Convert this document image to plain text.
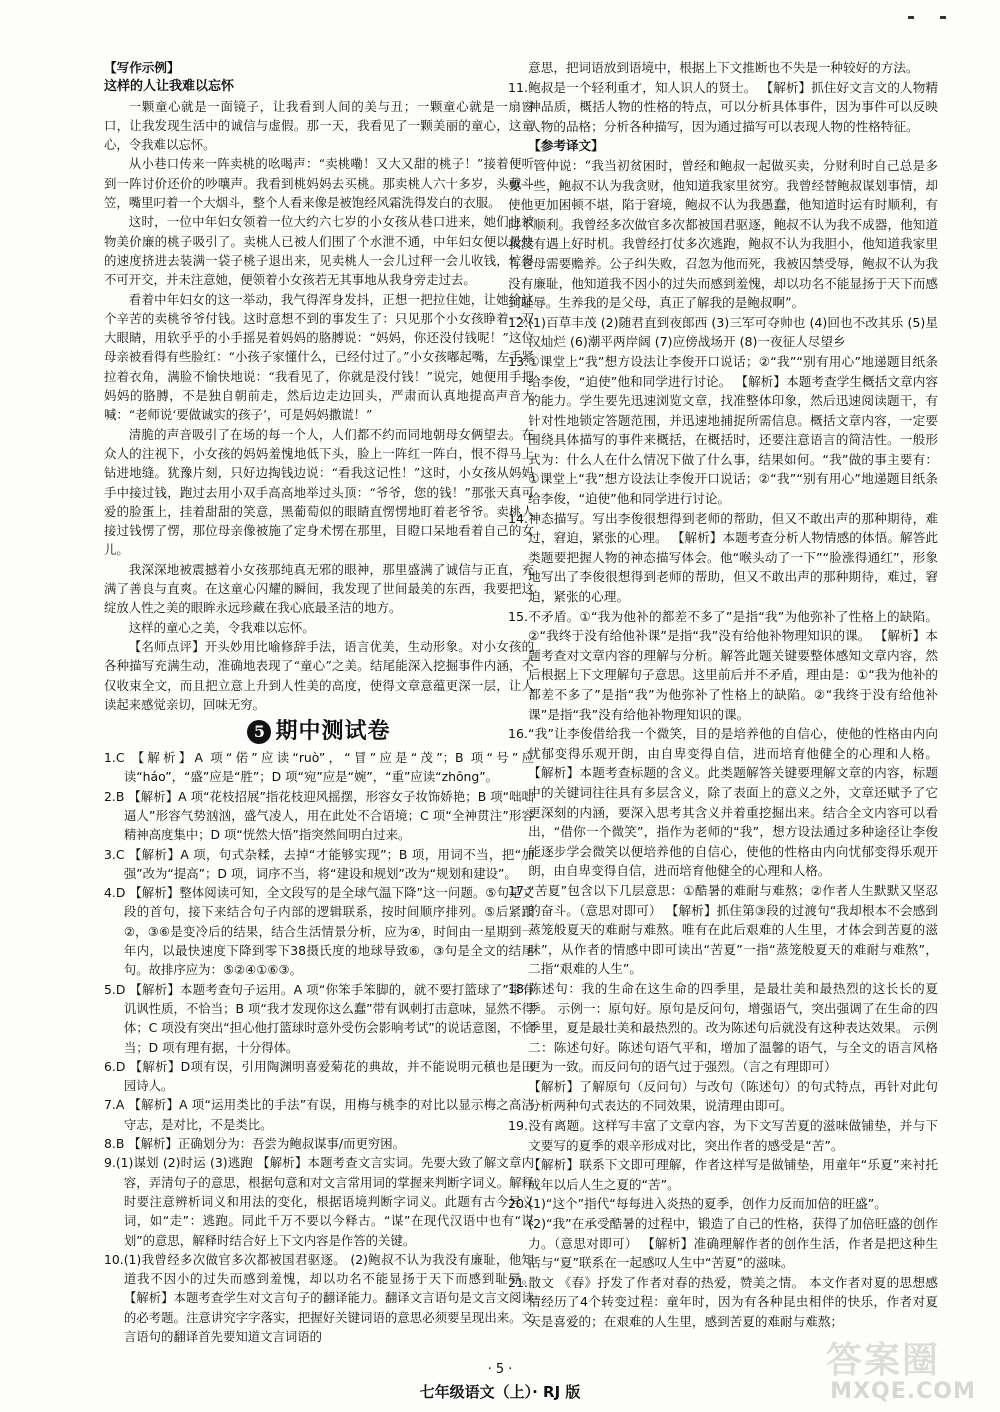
【写作示例】

这样的人让我难以忘怀

一颗童心就是一面镜子，让我看到人间的美与丑；一颗童心就是一扇窗口，让我发现生活中的诚信与虚假。那一天，我看见了一颗美丽的童心，这童心，令我难以忘怀。

从小巷口传来一阵卖桃的吆喝声：“卖桃嘞！又大又甜的桃子！”接着便听到一阵讨价还价的吵嚷声。我看到桃妈妈去买桃。那卖桃人六十多岁，头戴斗笠，嘴里叼着一个大烟斗，整个人看来像是被饱经风霜洗得发白的衣服。

这时，一位中年妇女领着一位大约六七岁的小女孩从巷口进来，她们也被物美价廉的桃子吸引了。卖桃人已被人们围了个水泄不通，中年妇女便以最快的速度挤进去装满一袋子桃子退出来，见卖桃人一会儿过秤一会儿收钱，忙得不可开交，并未注意她，便领着小女孩若无其事地从我身旁走过去。

看着中年妇女的这一举动，我气得浑身发抖，正想一把拉住她，让她给这个辛苦的卖桃爷爷付钱。这时意想不到的事发生了：只见那个小女孩睁着一双大眼睛，用软乎乎的小手摇晃着妈妈的胳膊说：“妈妈，你还没付钱呢！”这位母亲被看得有些脸红：“小孩子家懂什么，已经付过了。”小女孩嘟起嘴，左手紧拉着衣角，满脸不愉快地说：“我看见了，你就是没付钱！”说完，她便用手把妈妈的胳膊，不是独自朝前走，然后边走边回头，严肃而认真地提高声音大喊：“老师说‘要做诚实的孩子’，可是妈妈撒谎！”

清脆的声音吸引了在场的每一个人，人们都不约而同地朝母女俩望去。在众人的注视下，小女孩的妈妈羞愧地低下头，脸上一阵红一阵白，恨不得马上钻进地缝。犹豫片刻，只好边掏钱边说：“看我这记性！”这时，小女孩从妈妈手中接过钱，跑过去用小双手高高地举过头顶：“爷爷，您的钱！”那张天真可爱的脸蛋上，挂着甜甜的笑意，黑葡萄似的眼睛直愣愣地盯着老爷爷。卖桃人接过钱愣了愣，那位母亲像被施了定身术愣在那里，目瞪口呆地看着自己的女儿。

我深深地被震撼着小女孩那纯真无邪的眼神，那里盛满了诚信与正直，充满了善良与直爽。在这童心闪耀的瞬间，我发现了世间最美的东西，我要把这绽放人性之美的眼眸永远珍藏在我心底最圣洁的地方。

这样的童心之美，令我难以忘怀。

【名师点评】开头妙用比喻修辞手法，语言优美，生动形象。对小女孩的各种描写充满生动，准确地表现了“童心”之美。结尾能深入挖掘事件内涵，不仅收束全文，而且把立意上升到人性美的高度，使得文章意蕴更深一层，让人读起来感觉亲切，回味无穷。

5 期中测试卷

1.C 【解析】A 项“偌”应读“ruò”，“冒”应是“茂”；B 项“号”应读“háo”，“盛”应是“胜”；D 项“宛”应是“婉”，“重”应读“zhōng”。

2.B 【解析】A 项“花枝招展”指花枝迎风摇摆，形容女子妆饰娇艳；B 项“咄咄逼人”形容气势汹汹，盛气凌人，用在此处不合语境；C 项“全神贯注”形容精神高度集中；D 项“恍然大悟”指突然间明白过来。

3.C 【解析】A 项，句式杂糅，去掉“才能够实现”；B 项，用词不当，把“加强”改为“提高”；D 项，词序不当，将“建设和规划”改为“规划和建设”。

4.D 【解析】整体阅读可知，全文段写的是全球气温下降”这一问题。⑤句是文段的首句，接下来结合句子内部的逻辑联系，按时间顺序排列。⑤后紧跟②，③⑥是变冷后的结果，结合生活情景分析，应为④，时间由一星期到一年内，以最快速度下降到零下38摄氏度的地球导致⑥，③句是全文的结尾句。故排序应为：⑤②④①⑥③。

5.D 【解析】本题考查句子运用。A 项“你笨手笨脚的，就不要打篮球了”带有讥讽性质，不恰当；B 项“我才发现你这么蠢”带有讽刺打击意味，显然不得体；C 项没有突出“担心他打篮球时意外受伤会影响考试”的说话意图，不恰当；D 项有理有据，十分得体。

6.D 【解析】D项有误，引用陶渊明喜爱菊花的典故，并不能说明元稹也是田园诗人。

7.A 【解析】A 项“运用类比的手法”有误，用梅与桃李的对比以显示梅之高洁守志，是对比，不是类比。

8.B 【解析】正确划分为：吾尝为鲍叔谋事/而更穷困。

9.(1)谋划 (2)时运 (3)逃跑 【解析】本题考查文言实词。先要大致了解文章内容，弄清句子的意思，根据句意和对文言常用词的掌握来判断字词义。解释时要注意辨析词义和用法的变化，根据语境判断字词义。此题有古今异义词，如“走”：逃跑。同此千万不要以今释古。“谋”在现代汉语中也有“谋划”的意思，解释时结合好上下文内容是作答的关键。

10.(1)我曾经多次做官多次都被国君驱逐。 (2)鲍叔不认为我没有廉耻，他知道我不因小的过失而感到羞愧，却以功名不能显扬于天下而感到耻辱。 【解析】本题考查学生对文言句子的翻译能力。翻译文言语句是文言文阅读的必考题。注意讲究字字落实，把握好关键词语的意思必须要呈现出来。文言语句的翻译首先要知道文言词语的

意思，把词语放到语境中，根据上下文推断也不失是一种较好的方法。

11.鲍叔是一个轻利重才，知人识人的贤士。 【解析】抓住好文言文的人物精神品质，概括人物的性格的特点，可以分析具体事件，因为事件可以反映人物的品格；分析各种描写，因为通过描写可以表现人物的性格特征。

【参考译文】

管仲说：“我当初贫困时，曾经和鲍叔一起做买卖，分财利时自己总是多要一些，鲍叔不认为我贪财，他知道我家里贫穷。我曾经替鲍叔谋划事情，却使他更加困顿不堪，陷于窘境，鲍叔不认为我愚蠢，他知道时运有时顺利，有时不顺利。我曾经多次做官多次都被国君驱逐，鲍叔不认为我不成器，他知道我没有遇上好时机。我曾经打仗多次逃跑，鲍叔不认为我胆小，他知道我家里有老母需要赡养。公子纠失败，召忽为他而死，我被囚禁受辱，鲍叔不认为我没有廉耻，他知道我不因小的过失而感到羞愧，却以功名不能显扬于天下而感到耻辱。生养我的是父母，真正了解我的是鲍叔啊”。

12.(1)百草丰茂 (2)随君直到夜郎西 (3)三军可夺帅也 (4)回也不改其乐 (5)星汉灿烂 (6)潮平两岸阔 (7)应傍战场开 (8)一夜征人尽望乡

13.①课堂上“我”想方设法让李俊开口说话；②“我”“别有用心”地递题目纸条给李俊，“迫使”他和同学进行讨论。 【解析】本题考查学生概括文章内容的能力。学生要先迅速浏览文章，找准整体印象，然后迅速阅读题干，有针对性地锁定答题范围，并迅速地捕捉所需信息。概括文章内容，一定要围绕具体描写的事件来概括，在概括时，还要注意语言的简洁性。一般形式为：什么人在什么情况下做了什么事，结果如何。“我”做的事主要有：①课堂上“我”想方设法让李俊开口说话；②“我”“别有用心”地递题目纸条给李俊，“迫使”他和同学进行讨论。

14.神态描写。写出李俊很想得到老师的帮助，但又不敢出声的那种期待，难过，窘迫，紧张的心理。 【解析】本题考查分析人物情感的体悟。解答此类题要把握人物的神态描写体会。他“喉头动了一下”“脸涨得通红”，形象地写出了李俊很想得到老师的帮助，但又不敢出声的那种期待，难过，窘迫，紧张的心理。

15.不矛盾。①“我为他补的都差不多了”是指“我”为他弥补了性格上的缺陷。②“我终于没有给他补课”是指“我”没有给他补物理知识的课。 【解析】本题考查对文章内容的理解与分析。解答此题关键要整体感知文章内容，然后根据上下文理解句子意思。这里前后并不矛盾，理由是：①“我为他补的都差不多了”是指“我”为他弥补了性格上的缺陷。②“我终于没有给他补课”是指“我”没有给他补物理知识的课。

16.“我”让李俊借给我一个微笑，目的是培养他的自信心，使他的性格由内向忧郁变得乐观开朗，由自卑变得自信，进而培育他健全的心理和人格。 【解析】本题考查标题的含义。此类题解答关键要理解文章的内容，标题中的关键词往往具有多层含义，除了表面上的意义之外，文章还赋予了它更深刻的内涵，要深入思考其含义并着重挖掘出来。结合全文内容可以看出，“借你一个微笑”，指作为老师的“我”，想方设法通过多种途径让李俊能逐步学会微笑以便培养他的自信心，使他的性格由内向忧郁变得乐观开朗，由自卑变得自信，进而培育他健全的心理和人格。

17.“苦夏”包含以下几层意思：①酷暑的难耐与难熬；②作者人生默默又坚忍的奋斗。（意思对即可） 【解析】抓住第③段的过渡句“我却根本不会感到蒸笼般夏天的难耐与难熬。唯有在此后艰难的人生里，才体会到苦夏的滋味”，从作者的情感中即可读出“苦夏”一指“蒸笼般夏天的难耐与难熬”，二指“艰难的人生”。

18.陈述句：我的生命在这生命的四季里，是最壮美和最热烈的这长长的夏季。 示例一：原句好。原句是反问句，增强语气，突出强调了在生命的四季里，夏是最壮美和最热烈的。改为陈述句后就没有这种表达效果。 示例二：陈述句好。陈述句语气平和，增加了温馨的语气，与全文的语言风格更为一致。而反问句的语气过于强烈。（言之有理即可）

【解析】了解原句（反问句）与改句（陈述句）的句式特点，再针对此句分析两种句式表达的不同效果，说清理由即可。

19.没有离题。这样写丰富了文章内容，为下文写苦夏的滋味做铺垫，并与下文要写的夏季的艰辛形成对比，突出作者的感受是“苦”。

【解析】联系下文即可理解，作者这样写是做铺垫，用童年“乐夏”来衬托成年以后人生之夏的“苦”。

20.(1)“这个”指代“每每进入炎热的夏季，创作力反而加倍的旺盛”。

(2)“我”在承受酷暑的过程中，锻造了自己的性格，获得了加倍旺盛的创作力。（意思对即可） 【解析】准确理解作者的创作生活，作者是把这种生活与“夏”联系在一起感叹人生中“苦夏”的滋味。

21.散文 《春》抒发了作者对春的热爱，赞美之情。 本文作者对夏的思想感情经历了4个转变过程：童年时，因为有各种昆虫相伴的快乐，作者对夏天是喜爱的；在艰难的人生里，感到苦夏的难耐与难熬；

· 5 ·
七年级语文（上）· RJ 版
答案圈
MXQE.COM
